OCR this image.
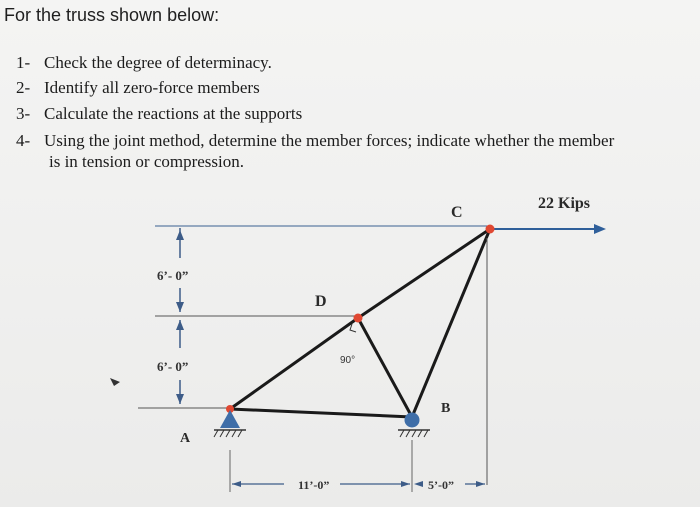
For the truss shown below:
1- Check the degree of determinacy.
2- Identify all zero-force members
3- Calculate the reactions at the supports
4- Using the joint method, determine the member forces; indicate whether the member
is in tension or compression.
6’- 0”
6’- 0”	90°
22 Kips
C
D
A
B
11’-0”	5’-0”
